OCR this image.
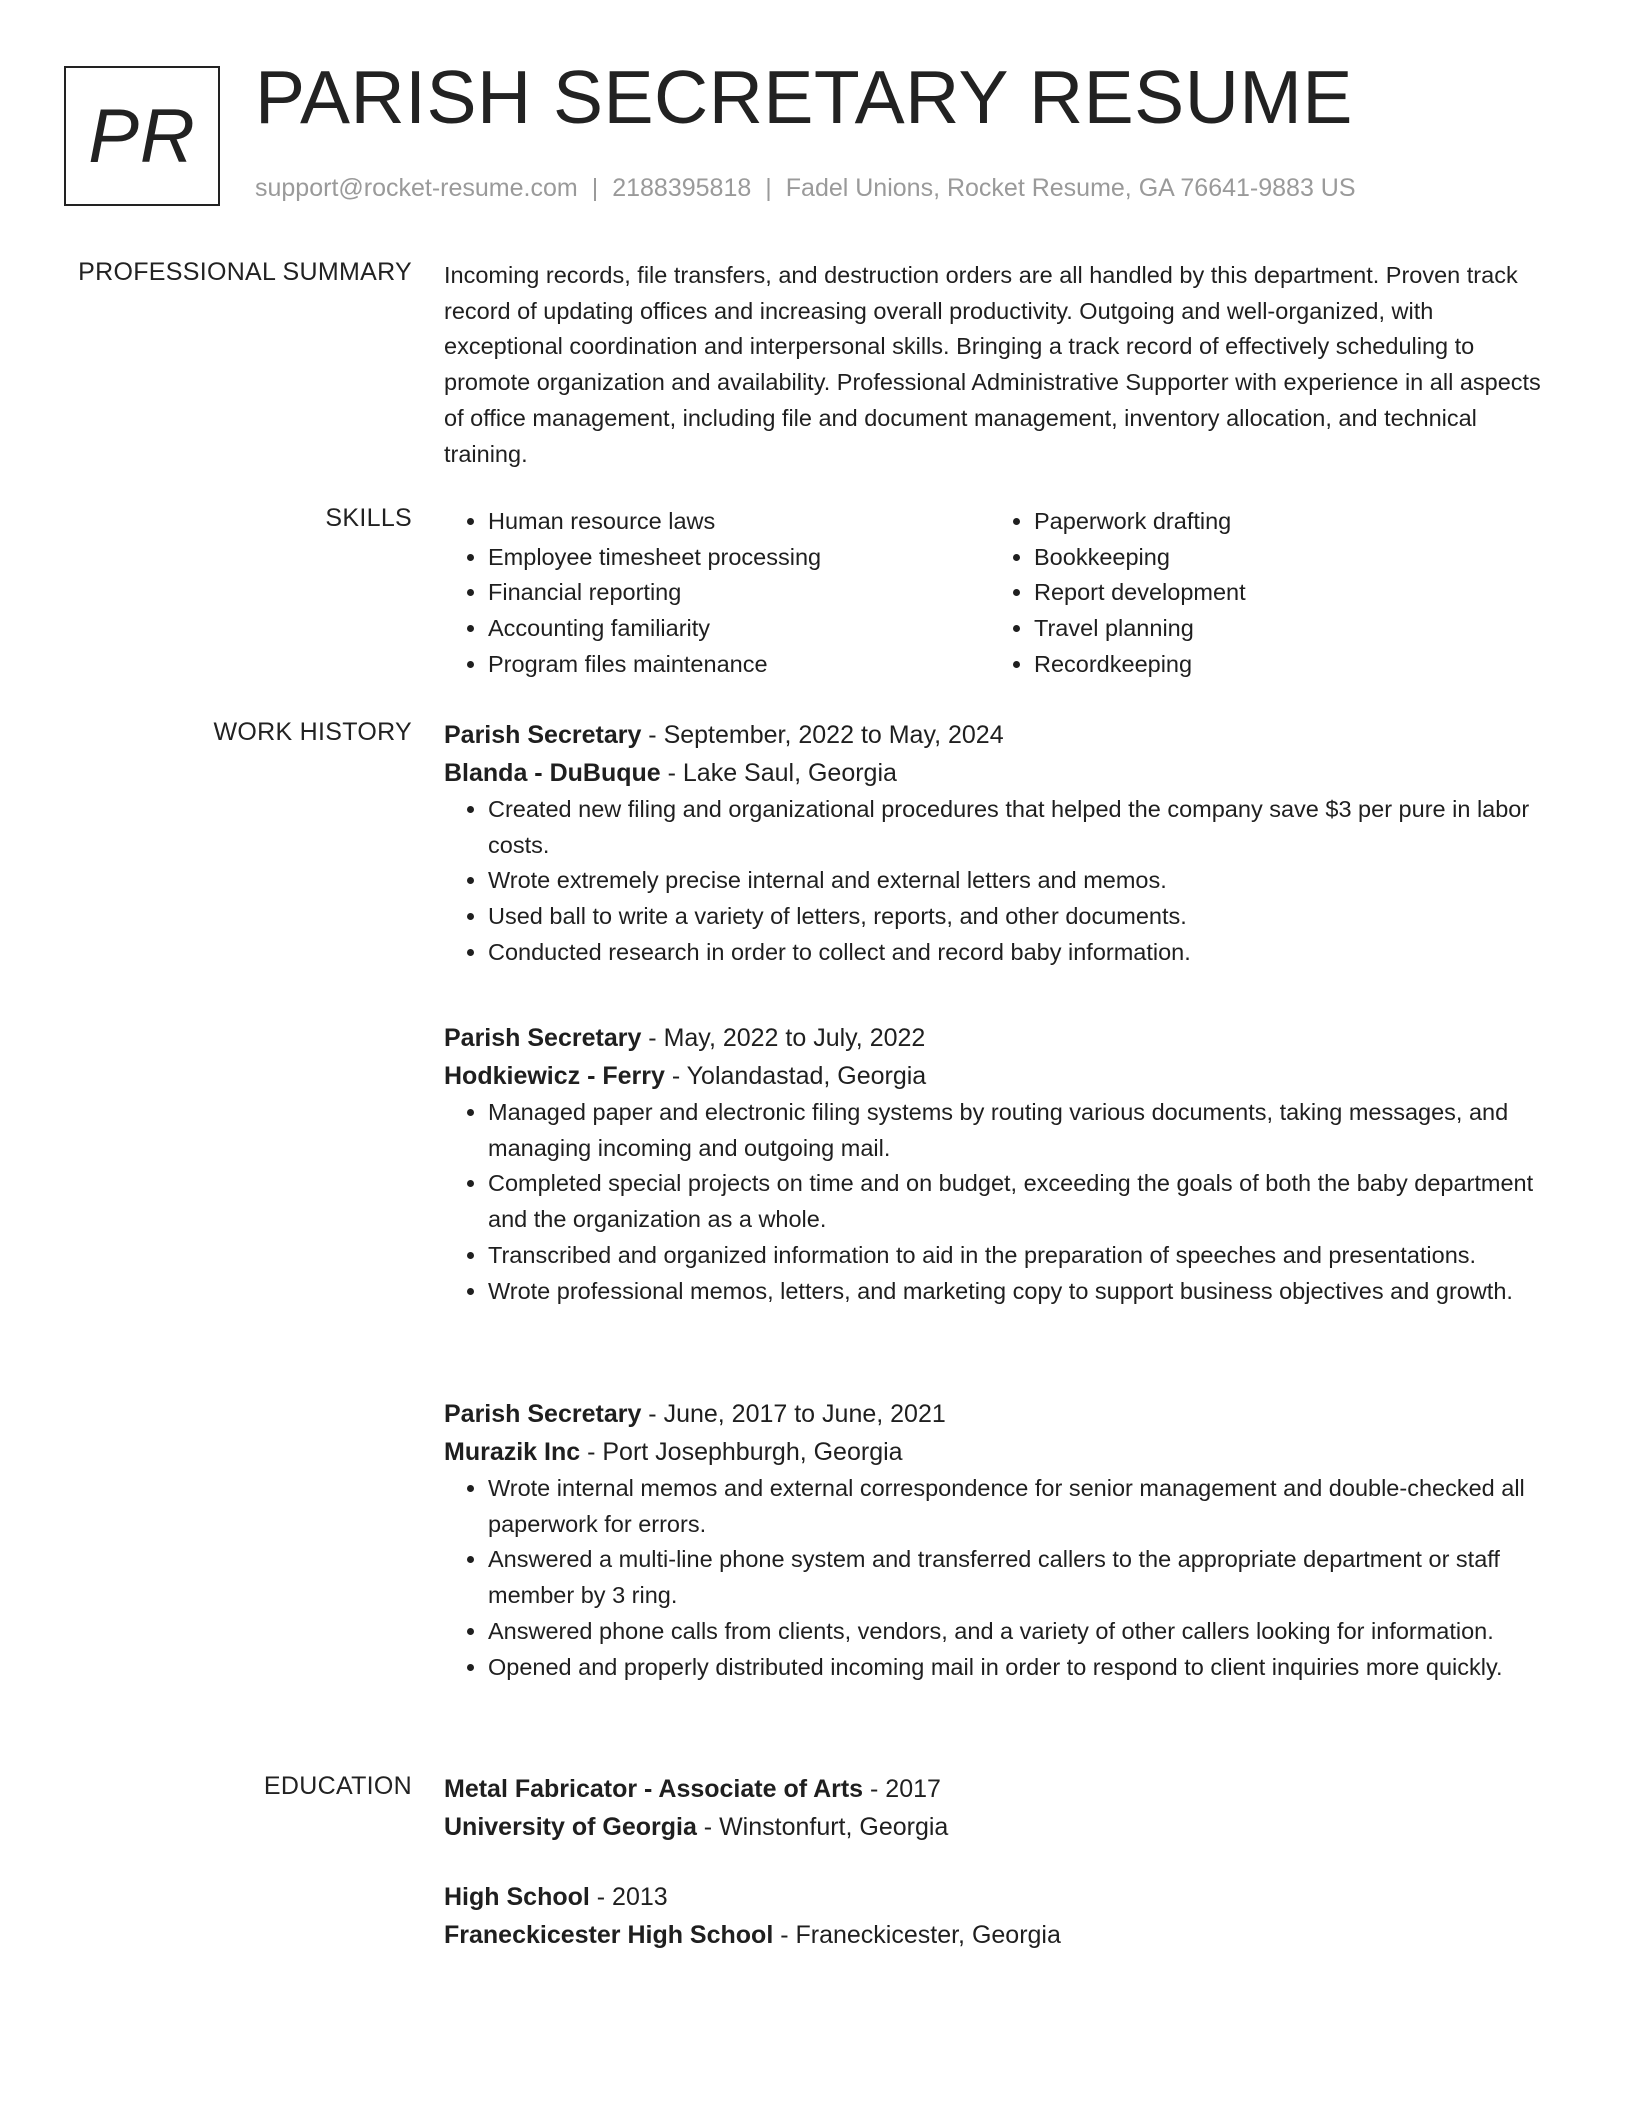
PR PARISH SECRETARY RESUME
support@rocket-resume.com | 2188395818 | Fadel Unions, Rocket Resume, GA 76641-9883 US
PROFESSIONAL SUMMARY Incoming records, file transfers, and destruction orders are all handled by this department. Proven track record of updating offices and increasing overall productivity. Outgoing and well-organized, with exceptional coordination and interpersonal skills. Bringing a track record of effectively scheduling to promote organization and availability. Professional Administrative Supporter with experience in all aspects of office management, including file and document management, inventory allocation, and technical training.

SKILLS
•	Human resource laws
• Employee timesheet processing
• Financial reporting
• Accounting familiarity
• Program files maintenance
• Paperwork drafting
• Bookkeeping
• Report development
• Travel planning
• Recordkeeping
WORK HISTORY Parish Secretary - September, 2022 to May, 2024
Blanda - DuBuque - Lake Saul, Georgia
• Created new filing and organizational procedures that helped the company save $3 per pure in labor costs.
• Wrote extremely precise internal and external letters and memos.
• Used ball to write a variety of letters, reports, and other documents.
• Conducted research in order to collect and record baby information.
Parish Secretary - May, 2022 to July, 2022
Hodkiewicz - Ferry - Yolandastad, Georgia
• Managed paper and electronic filing systems by routing various documents, taking messages, and managing incoming and outgoing mail.
• Completed special projects on time and on budget, exceeding the goals of both the baby department and the organization as a whole.
• Transcribed and organized information to aid in the preparation of speeches and presentations.
• Wrote professional memos, letters, and marketing copy to support business objectives and growth.
Parish Secretary - June, 2017 to June, 2021
Murazik Inc - Port Josephburgh, Georgia
• Wrote internal memos and external correspondence for senior management and double-checked all paperwork for errors.
• Answered a multi-line phone system and transferred callers to the appropriate department or staff member by 3 ring.
• Answered phone calls from clients, vendors, and a variety of other callers looking for information.
• Opened and properly distributed incoming mail in order to respond to client inquiries more quickly.
EDUCATION Metal Fabricator - Associate of Arts - 2017
University of Georgia - Winstonfurt, Georgia
High School - 2013
Franeckicester High School - Franeckicester, Georgia
